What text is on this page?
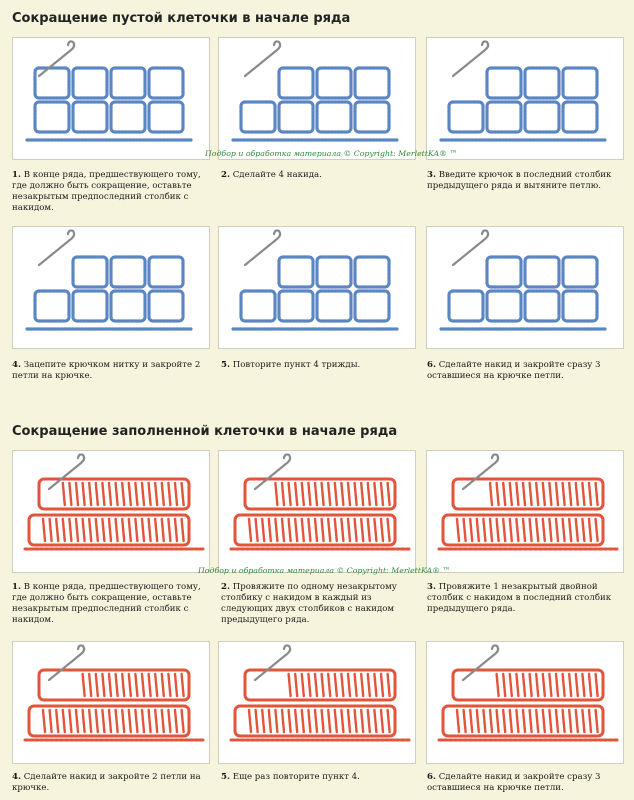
Сокращение пустой клеточки в начале ряда
Подбор и обработка материала © Copyright: MerlettKA® ™
1. В конце ряда, предшествующего тому, где должно быть сокращение, оставьте незакрытым предпоследний столбик с накидом.
2. Сделайте 4 накида.	3. Введите крючок в последний столбик предыдущего ряда и вытяните петлю.
4. Зацепите крючком нитку и закройте 2 петли на крючке.
5. Повторите пункт 4 трижды.	6. Сделайте накид и закройте сразу 3 оставшиеся на крючке петли.
Сокращение заполненной клеточки в начале ряда
Подбор и обработка материала © Copyright: MerlettKA® ™
1. В конце ряда, предшествующего тому, где должно быть сокращение, оставьте незакрытым предпоследний столбик с накидом.
2. Провяжите по одному незакрытому столбику с накидом в каждый из следующих двух столбиков с накидом предыдущего ряда.
3. Провяжите 1 незакрытый двойной столбик с накидом в последний столбик предыдущего ряда.
4. Сделайте накид и закройте 2 петли на крючке.
5. Еще раз повторите пункт 4.	6. Сделайте накид и закройте сразу 3 оставшиеся на крючке петли.
